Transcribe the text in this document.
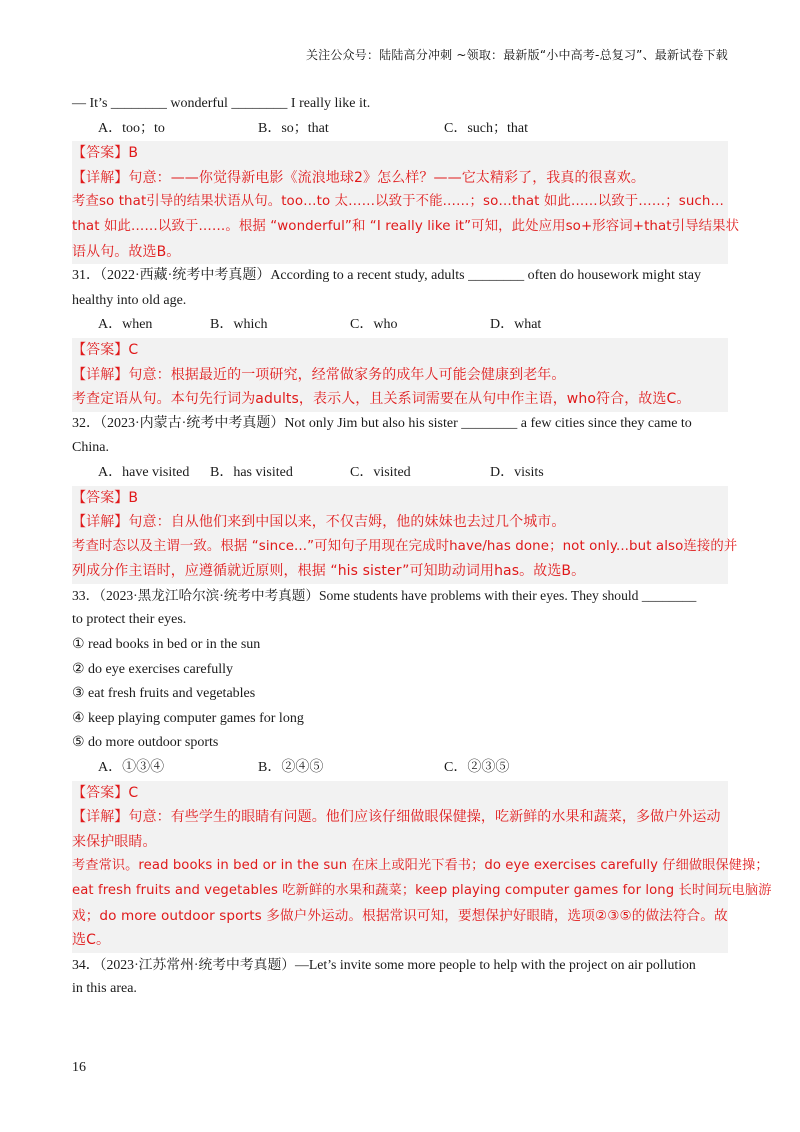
关注公众号：陆陆高分冲刺 ~领取：最新版“小中高考-总复习”、最新试卷下载
— It’s ________ wonderful ________ I really like it.
A．too；to	B．so；that	C．such；that
【答案】B
【详解】句意：——你觉得新电影《流浪地球2》怎么样？——它太精彩了，我真的很喜欢。
考查so that引导的结果状语从句。too…to 太……以致于不能……；so…that 如此……以致于……；such…
that 如此……以致于……。根据 “wonderful”和 “I really like it”可知，此处应用so+形容词+that引导结果状
语从句。故选B。
31．（2022·西藏·统考中考真题）According to a recent study, adults ________ often do housework might stay
healthy into old age.
A．when	B．which	C．who	D．what
【答案】C
【详解】句意：根据最近的一项研究，经常做家务的成年人可能会健康到老年。
考查定语从句。本句先行词为adults，表示人，且关系词需要在从句中作主语，who符合，故选C。
32．（2023·内蒙古·统考中考真题）Not only Jim but also his sister ________ a few cities since they came to
China.
A．have visited	B．has visited	C．visited	D．visits
【答案】B
【详解】句意：自从他们来到中国以来，不仅吉姆，他的妹妹也去过几个城市。
考查时态以及主谓一致。根据 “since...”可知句子用现在完成时have/has done；not only...but also连接的并
列成分作主语时，应遵循就近原则，根据 “his sister”可知助动词用has。故选B。
33．（2023·黑龙江哈尔滨·统考中考真题）Some students have problems with their eyes. They should ________
to protect their eyes.
① read books in bed or in the sun
② do eye exercises carefully
③ eat fresh fruits and vegetables
④ keep playing computer games for long
⑤ do more outdoor sports
A．①③④	B．②④⑤	C．②③⑤
【答案】C
【详解】句意：有些学生的眼睛有问题。他们应该仔细做眼保健操，吃新鲜的水果和蔬菜，多做户外运动
来保护眼睛。
考查常识。read books in bed or in the sun 在床上或阳光下看书；do eye exercises carefully 仔细做眼保健操；
eat fresh fruits and vegetables 吃新鲜的水果和蔬菜；keep playing computer games for long 长时间玩电脑游
戏；do more outdoor sports 多做户外运动。根据常识可知，要想保护好眼睛，选项②③⑤的做法符合。故
选C。
34．（2023·江苏常州·统考中考真题）—Let’s invite some more people to help with the project on air pollution
in this area.
16
